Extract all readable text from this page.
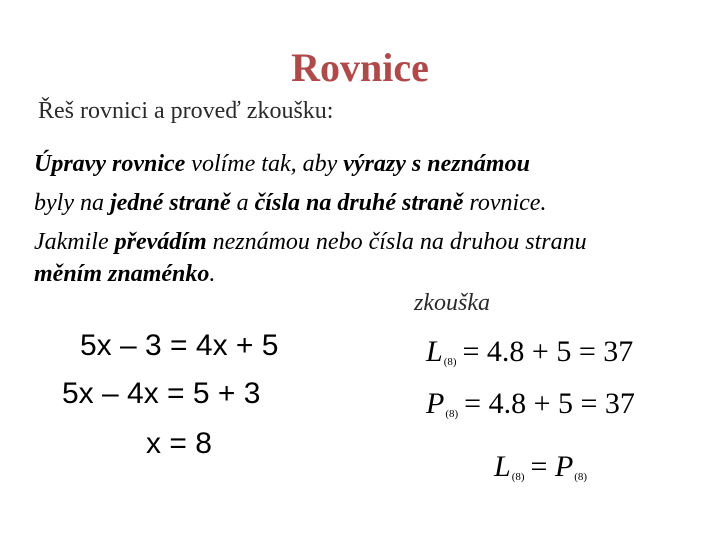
Rovnice
Řeš rovnici a proveď zkoušku:
Úpravy rovnice volíme tak, aby výrazy s neznámou
byly na jedné straně a čísla na druhé straně rovnice.
Jakmile převádím neznámou nebo čísla na druhou stranu
měním znaménko.
zkouška
5x – 3 = 4x + 5
5x – 4x = 5 + 3
x = 8
$L_{(8)} = 4.8 + 5 = 37$
$P_{(8)} = 4.8 + 5 = 37$
$L_{(8)} = P_{(8)}$
